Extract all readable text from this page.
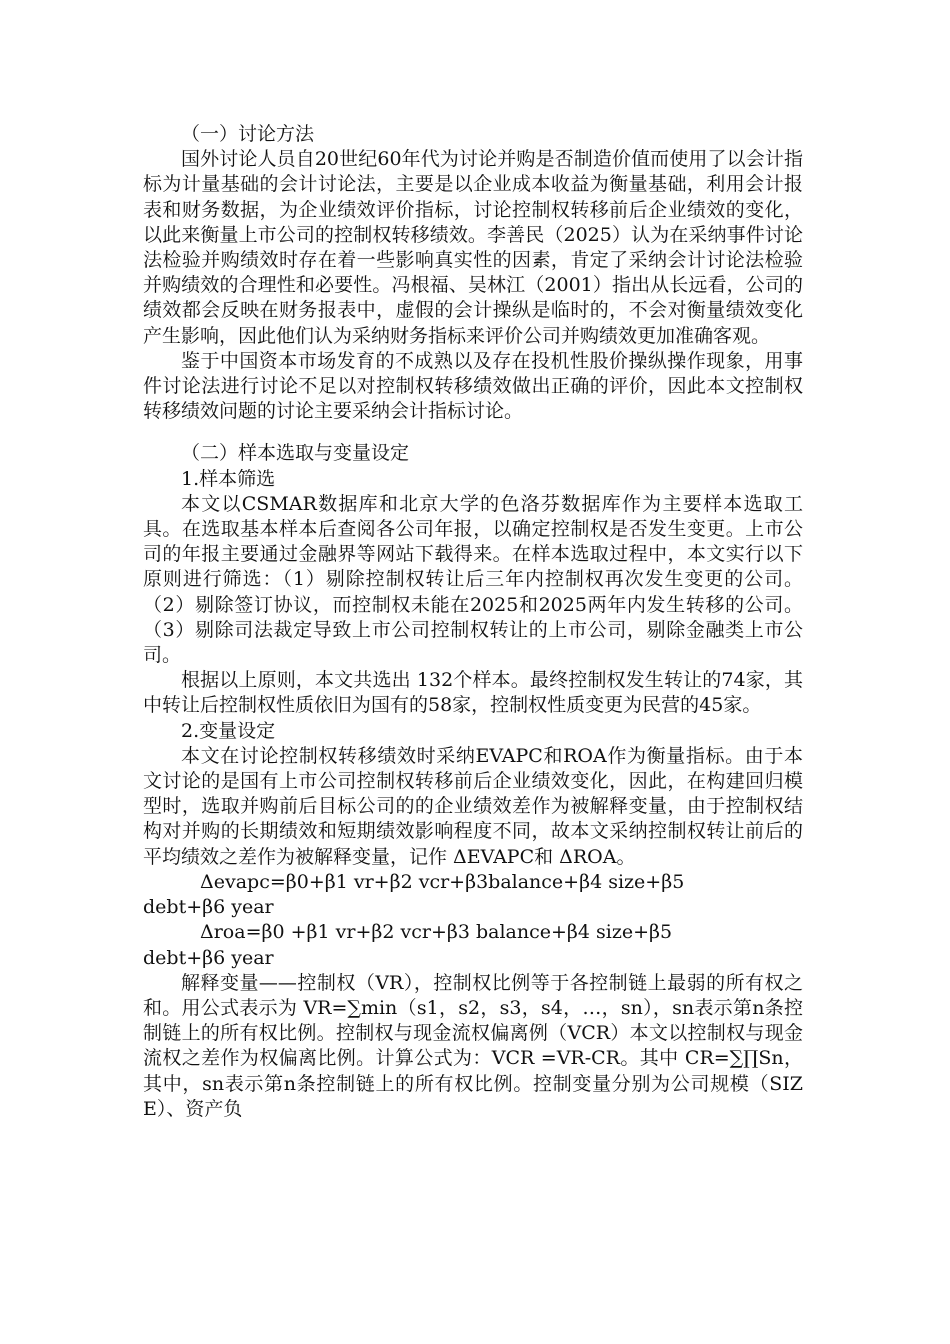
（一）讨论方法

国外讨论人员自20世纪60年代为讨论并购是否制造价值而使用了以会计指标为计量基础的会计讨论法，主要是以企业成本收益为衡量基础，利用会计报表和财务数据，为企业绩效评价指标，讨论控制权转移前后企业绩效的变化，以此来衡量上市公司的控制权转移绩效。李善民（2025）认为在采纳事件讨论法检验并购绩效时存在着一些影响真实性的因素，肯定了采纳会计讨论法检验并购绩效的合理性和必要性。冯根福、吴林江（2001）指出从长远看，公司的绩效都会反映在财务报表中，虚假的会计操纵是临时的，不会对衡量绩效变化产生影响，因此他们认为采纳财务指标来评价公司并购绩效更加准确客观。

鉴于中国资本市场发育的不成熟以及存在投机性股价操纵操作现象，用事件讨论法进行讨论不足以对控制权转移绩效做出正确的评价，因此本文控制权转移绩效问题的讨论主要采纳会计指标讨论。

（二）样本选取与变量设定

1.样本筛选

本文以CSMAR数据库和北京大学的色洛芬数据库作为主要样本选取工具。在选取基本样本后查阅各公司年报，以确定控制权是否发生变更。上市公司的年报主要通过金融界等网站下载得来。在样本选取过程中，本文实行以下原则进行筛选：（1）剔除控制权转让后三年内控制权再次发生变更的公司。（2）剔除签订协议，而控制权未能在2025和2025两年内发生转移的公司。（3）剔除司法裁定导致上市公司控制权转让的上市公司，剔除金融类上市公司。

根据以上原则，本文共选出 132个样本。最终控制权发生转让的74家，其中转让后控制权性质依旧为国有的58家，控制权性质变更为民营的45家。

2.变量设定

本文在讨论控制权转移绩效时采纳EVAPC和ROA作为衡量指标。由于本文讨论的是国有上市公司控制权转移前后企业绩效变化，因此，在构建回归模型时，选取并购前后目标公司的的企业绩效差作为被解释变量，由于控制权结构对并购的长期绩效和短期绩效影响程度不同，故本文采纳控制权转让前后的平均绩效之差作为被解释变量，记作 ΔEVAPC和 ΔROA。

Δevapc=β0+β1 vr+β2 vcr+β3balance+β4 size+β5

debt+β6 year

Δroa=β0 +β1 vr+β2 vcr+β3 balance+β4 size+β5

debt+β6 year

解释变量——控制权（VR），控制权比例等于各控制链上最弱的所有权之和。用公式表示为 VR=∑min（s1，s2，s3，s4，…，sn），sn表示第n条控制链上的所有权比例。控制权与现金流权偏离例（VCR）本文以控制权与现金流权之差作为权偏离比例。计算公式为：VCR =VR-CR。其中 CR=∑∏Sn，其中，sn表示第n条控制链上的所有权比例。控制变量分别为公司规模（SIZE）、资产负
